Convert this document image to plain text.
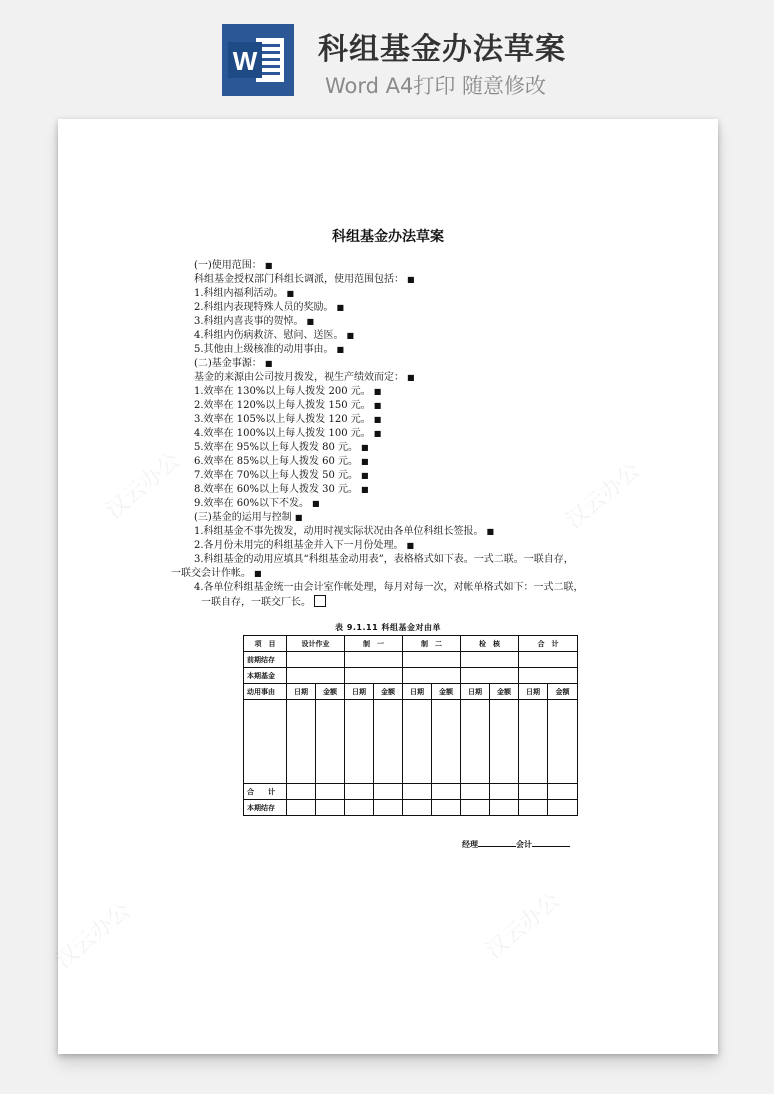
W 科组基金办法草案
Word A4打印 随意修改
汉云办公	汉云办公
汉云办公	汉云办公
科组基金办法草案
(一)使用范围： ■
科组基金授权部门科组长调派，使用范围包括： ■
1.科组内福利活动。 ■
2.科组内表现特殊人员的奖励。 ■
3.科组内喜丧事的贺悼。 ■
4.科组内伤病救济、慰问、送医。 ■
5.其他由上级核准的动用事由。 ■
(二)基金事源： ■
基金的来源由公司按月拨发，视生产绩效而定： ■
1.效率在 130%以上每人拨发 200 元。 ■
2.效率在 120%以上每人拨发 150 元。 ■
3.效率在 105%以上每人拨发 120 元。 ■
4.效率在 100%以上每人拨发 100 元。 ■
5.效率在 95%以上每人拨发 80 元。 ■
6.效率在 85%以上每人拨发 60 元。 ■
7.效率在 70%以上每人拨发 50 元。 ■
8.效率在 60%以上每人拨发 30 元。 ■
9.效率在 60%以下不发。 ■
(三)基金的运用与控制 ■
1.科组基金不事先拨发，动用时视实际状况由各单位科组长签报。 ■
2.各月份未用完的科组基金并入下一月份处理。 ■
3.科组基金的动用应填具“科组基金动用表”，表格格式如下表。一式二联。一联自存，
一联交会计作帐。 ■
4.各单位科组基金统一由会计室作帐处理，每月对每一次，对帐单格式如下：一式二联，
一联自存，一联交厂长。
表 9.1.11 科组基金对由单
项　目	设计作业		制　一		制　二		检　核		合　计	
前期结存										
本期基金										
动用事由	日期	金额	日期	金额	日期	金额	日期	金额	日期	金额

合　　计										
本期结存										
经理	会计
